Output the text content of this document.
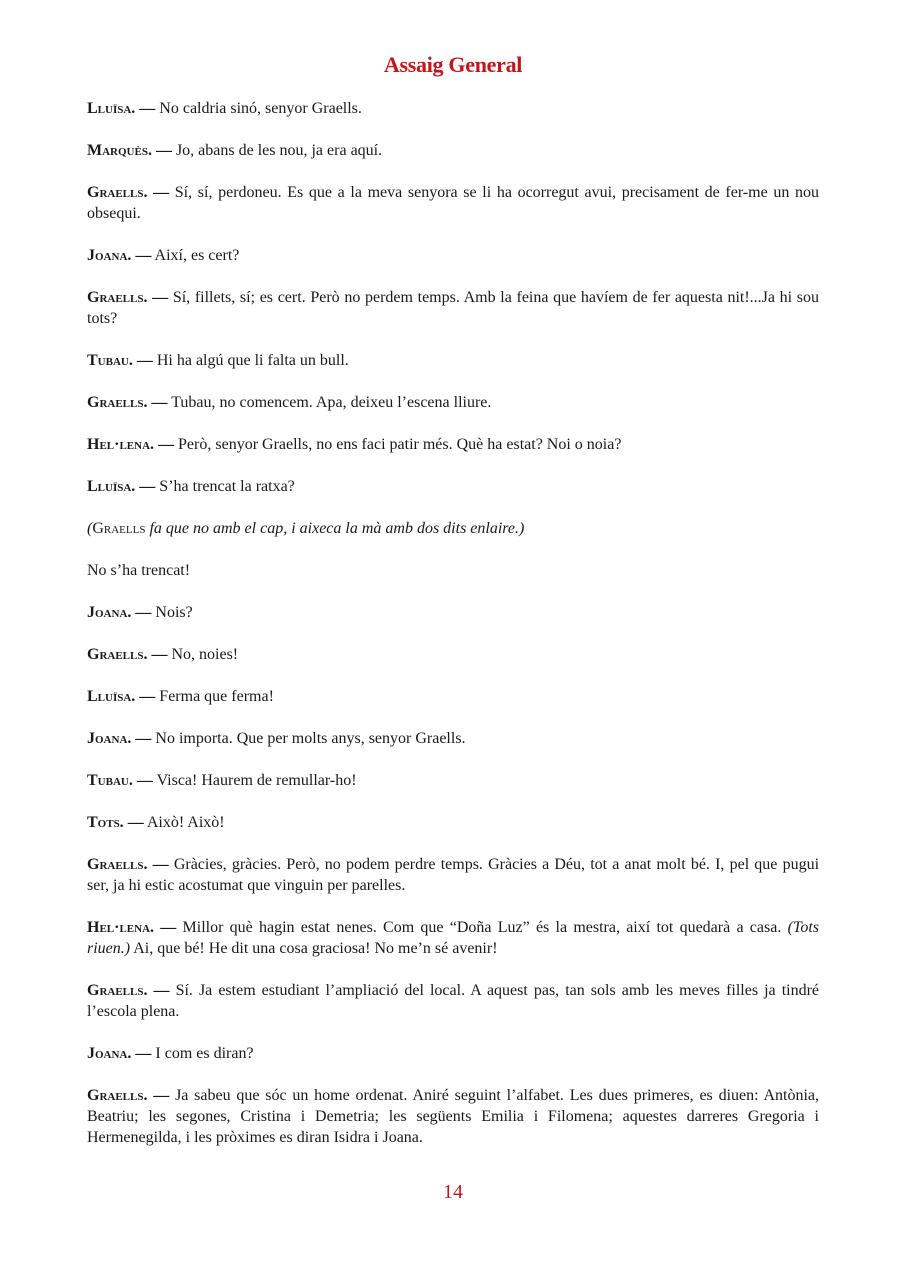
Assaig General

Lluïsa. — No caldria sinó, senyor Graells.

Marquès. — Jo, abans de les nou, ja era aquí.

Graells. — Sí, sí, perdoneu. Es que a la meva senyora se li ha ocorregut avui, precisament de fer-me un nou obsequi.

Joana. — Així, es cert?

Graells. — Sí, fillets, sí; es cert. Però no perdem temps. Amb la feina que havíem de fer aquesta nit!...Ja hi sou tots?

Tubau. — Hi ha algú que li falta un bull.

Graells. — Tubau, no comencem. Apa, deixeu l’escena lliure.

Hel·lena. — Però, senyor Graells, no ens faci patir més. Què ha estat? Noi o noia?

Lluïsa. — S’ha trencat la ratxa?

(Graells fa que no amb el cap, i aixeca la mà amb dos dits enlaire.)

No s’ha trencat!

Joana. — Nois?

Graells. — No, noies!

Lluïsa. — Ferma que ferma!

Joana. — No importa. Que per molts anys, senyor Graells.

Tubau. — Visca! Haurem de remullar-ho!

Tots. — Això! Això!

Graells. — Gràcies, gràcies. Però, no podem perdre temps. Gràcies a Déu, tot a anat molt bé. I, pel que pugui ser, ja hi estic acostumat que vinguin per parelles.

Hel·lena. — Millor què hagin estat nenes. Com que “Doña Luz” és la mestra, així tot quedarà a casa. (Tots riuen.) Ai, que bé! He dit una cosa graciosa! No me’n sé avenir!

Graells. — Sí. Ja estem estudiant l’ampliació del local. A aquest pas, tan sols amb les meves filles ja tindré l’escola plena.

Joana. — I com es diran?

Graells. — Ja sabeu que sóc un home ordenat. Aniré seguint l’alfabet. Les dues primeres, es diuen: Antònia, Beatriu; les segones, Cristina i Demetria; les següents Emilia i Filomena; aquestes darreres Gregoria i Hermenegilda, i les pròximes es diran Isidra i Joana.

14
